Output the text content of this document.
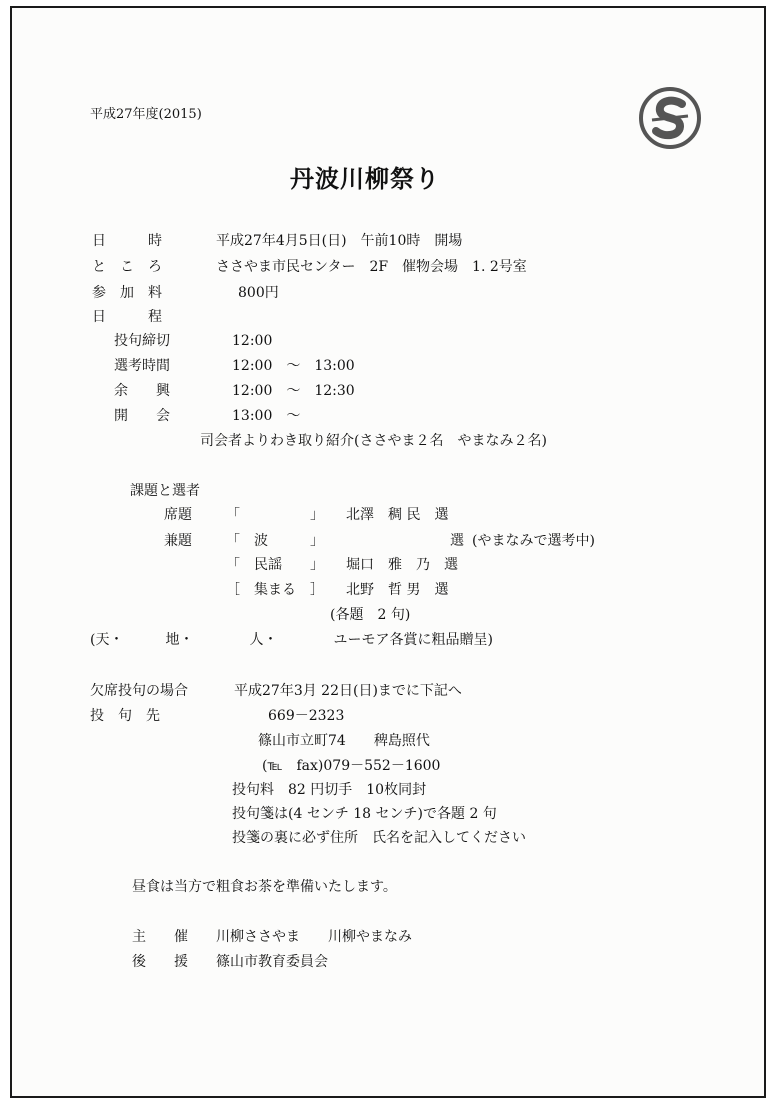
平成27年度(2015)
丹波川柳祭り
日　　　時	平成27年4月5日(日)　午前10時　開場
と　こ　ろ	ささやま市民センター　2F　催物会場　1. 2号室
参　加　料	800円
日　　　程
投句締切	12:00
選考時間	12:00　～　13:00
余　　興	12:00　～　12:30
開　　会	13:00　～
司会者よりわき取り紹介(ささやま２名　やまなみ２名)
課題と選者
席題 「　　　　　」 北澤　稠 民　選
兼題 「　波　　　」	選 (やまなみで選考中)
「　民謡　　」 堀口　雅　乃　選
［　集まる　］ 北野　哲 男　選
(各題　2 句)
(天・　　　地・　　　　人・　　　　ユーモア各賞に粗品贈呈)
欠席投句の場合	平成27年3月 22日(日)までに下記へ
投　句　先	669－2323
篠山市立町74　　稗島照代
(℡　fax)079－552－1600
投句料　82 円切手　10枚同封
投句箋は(4 センチ 18 センチ)で各題 2 句
投箋の裏に必ず住所　氏名を記入してください
昼食は当方で粗食お茶を準備いたします。
主　　催 川柳ささやま　　川柳やまなみ
後　　援 篠山市教育委員会
